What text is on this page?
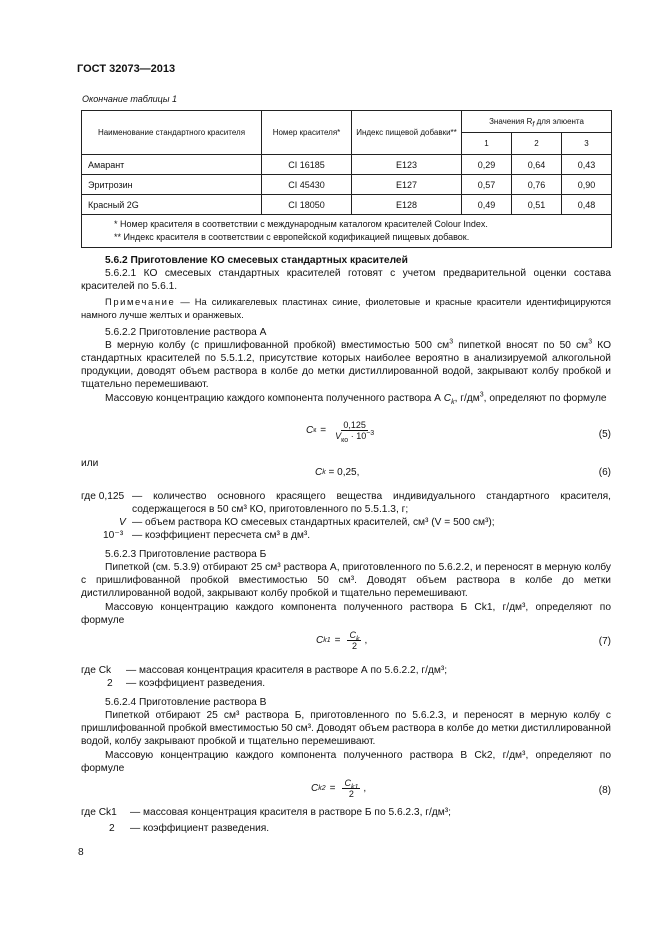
ГОСТ 32073—2013
Окончание таблицы 1
Наименование стандартного красителя	Номер красителя*	Индекс пищевой добавки**	Значения $R_f$ для элюента		
			1	2	3
Амарант	CI 16185	E123	0,29	0,64	0,43
Эритрозин	CI 45430	E127	0,57	0,76	0,90
Красный 2G	CI 18050	E128	0,49	0,51	0,48

* Номер красителя в соответствии с международным каталогом красителей Colour Index.
** Индекс красителя в соответствии с европейской кодификацией пищевых добавок.					
5.6.2 Приготовление КО смесевых стандартных красителей
5.6.2.1 КО смесевых стандартных красителей готовят с учетом предварительной оценки состава красителей по 5.6.1.
Примечание — На силикагелевых пластинах синие, фиолетовые и красные красители идентифицируются намного лучше желтых и оранжевых.
5.6.2.2 Приготовление раствора А
В мерную колбу (с пришлифованной пробкой) вместимостью 500 $см^3$ пипеткой вносят по 50 $см^3$ КО стандартных красителей по 5.5.1.2, присутствие которых наиболее вероятно в анализируемой алкогольной продукции, доводят объем раствора в колбе до метки дистиллированной водой, закрывают колбу пробкой и тщательно перемешивают.
Массовую концентрацию каждого компонента полученного раствора А $C_k$, $г/дм^3$, определяют по формуле
C $к = \frac{0,125}{V_{ко} \cdot 10^{-3}}$	(5)
или
C k
= 0,25,	(6)
где 0,125 — количество основного красящего вещества индивидуального стандартного красителя, содержащегося в 50 см³ КО, приготовленного по 5.5.1.3, г;
V — объем раствора КО смесевых стандартных красителей, см³ (V = 500 см³);
10⁻³ — коэффициент пересчета см³ в дм³.
5.6.2.3 Приготовление раствора Б
Пипеткой (см. 5.3.9) отбирают 25 см³ раствора А, приготовленного по 5.6.2.2, и переносят в мерную колбу с пришлифованной пробкой вместимостью 50 см³. Доводят объем раствора в колбе до метки дистиллированной водой, закрывают колбу пробкой и тщательно перемешивают.
Массовую концентрацию каждого компонента полученного раствора Б Ck1, г/дм³, определяют по формуле
C $k1 = \frac{C_k}{2}$ ,	(7)
где Ck — массовая концентрация красителя в растворе А по 5.6.2.2, г/дм³;
2 — коэффициент разведения.
5.6.2.4 Приготовление раствора В
Пипеткой отбирают 25 см³ раствора Б, приготовленного по 5.6.2.3, и переносят в мерную колбу с пришлифованной пробкой вместимостью 50 см³. Доводят объем раствора в колбе до метки дистиллированной водой, колбу закрывают пробкой и тщательно перемешивают.
Массовую концентрацию каждого компонента полученного раствора В Ck2, г/дм³, определяют по формуле
C $k2 = \frac{C_{k1}}{2}$ ,	(8)
где Ck1 — массовая концентрация красителя в растворе Б по 5.6.2.3, г/дм³;
2 — коэффициент разведения.
8
